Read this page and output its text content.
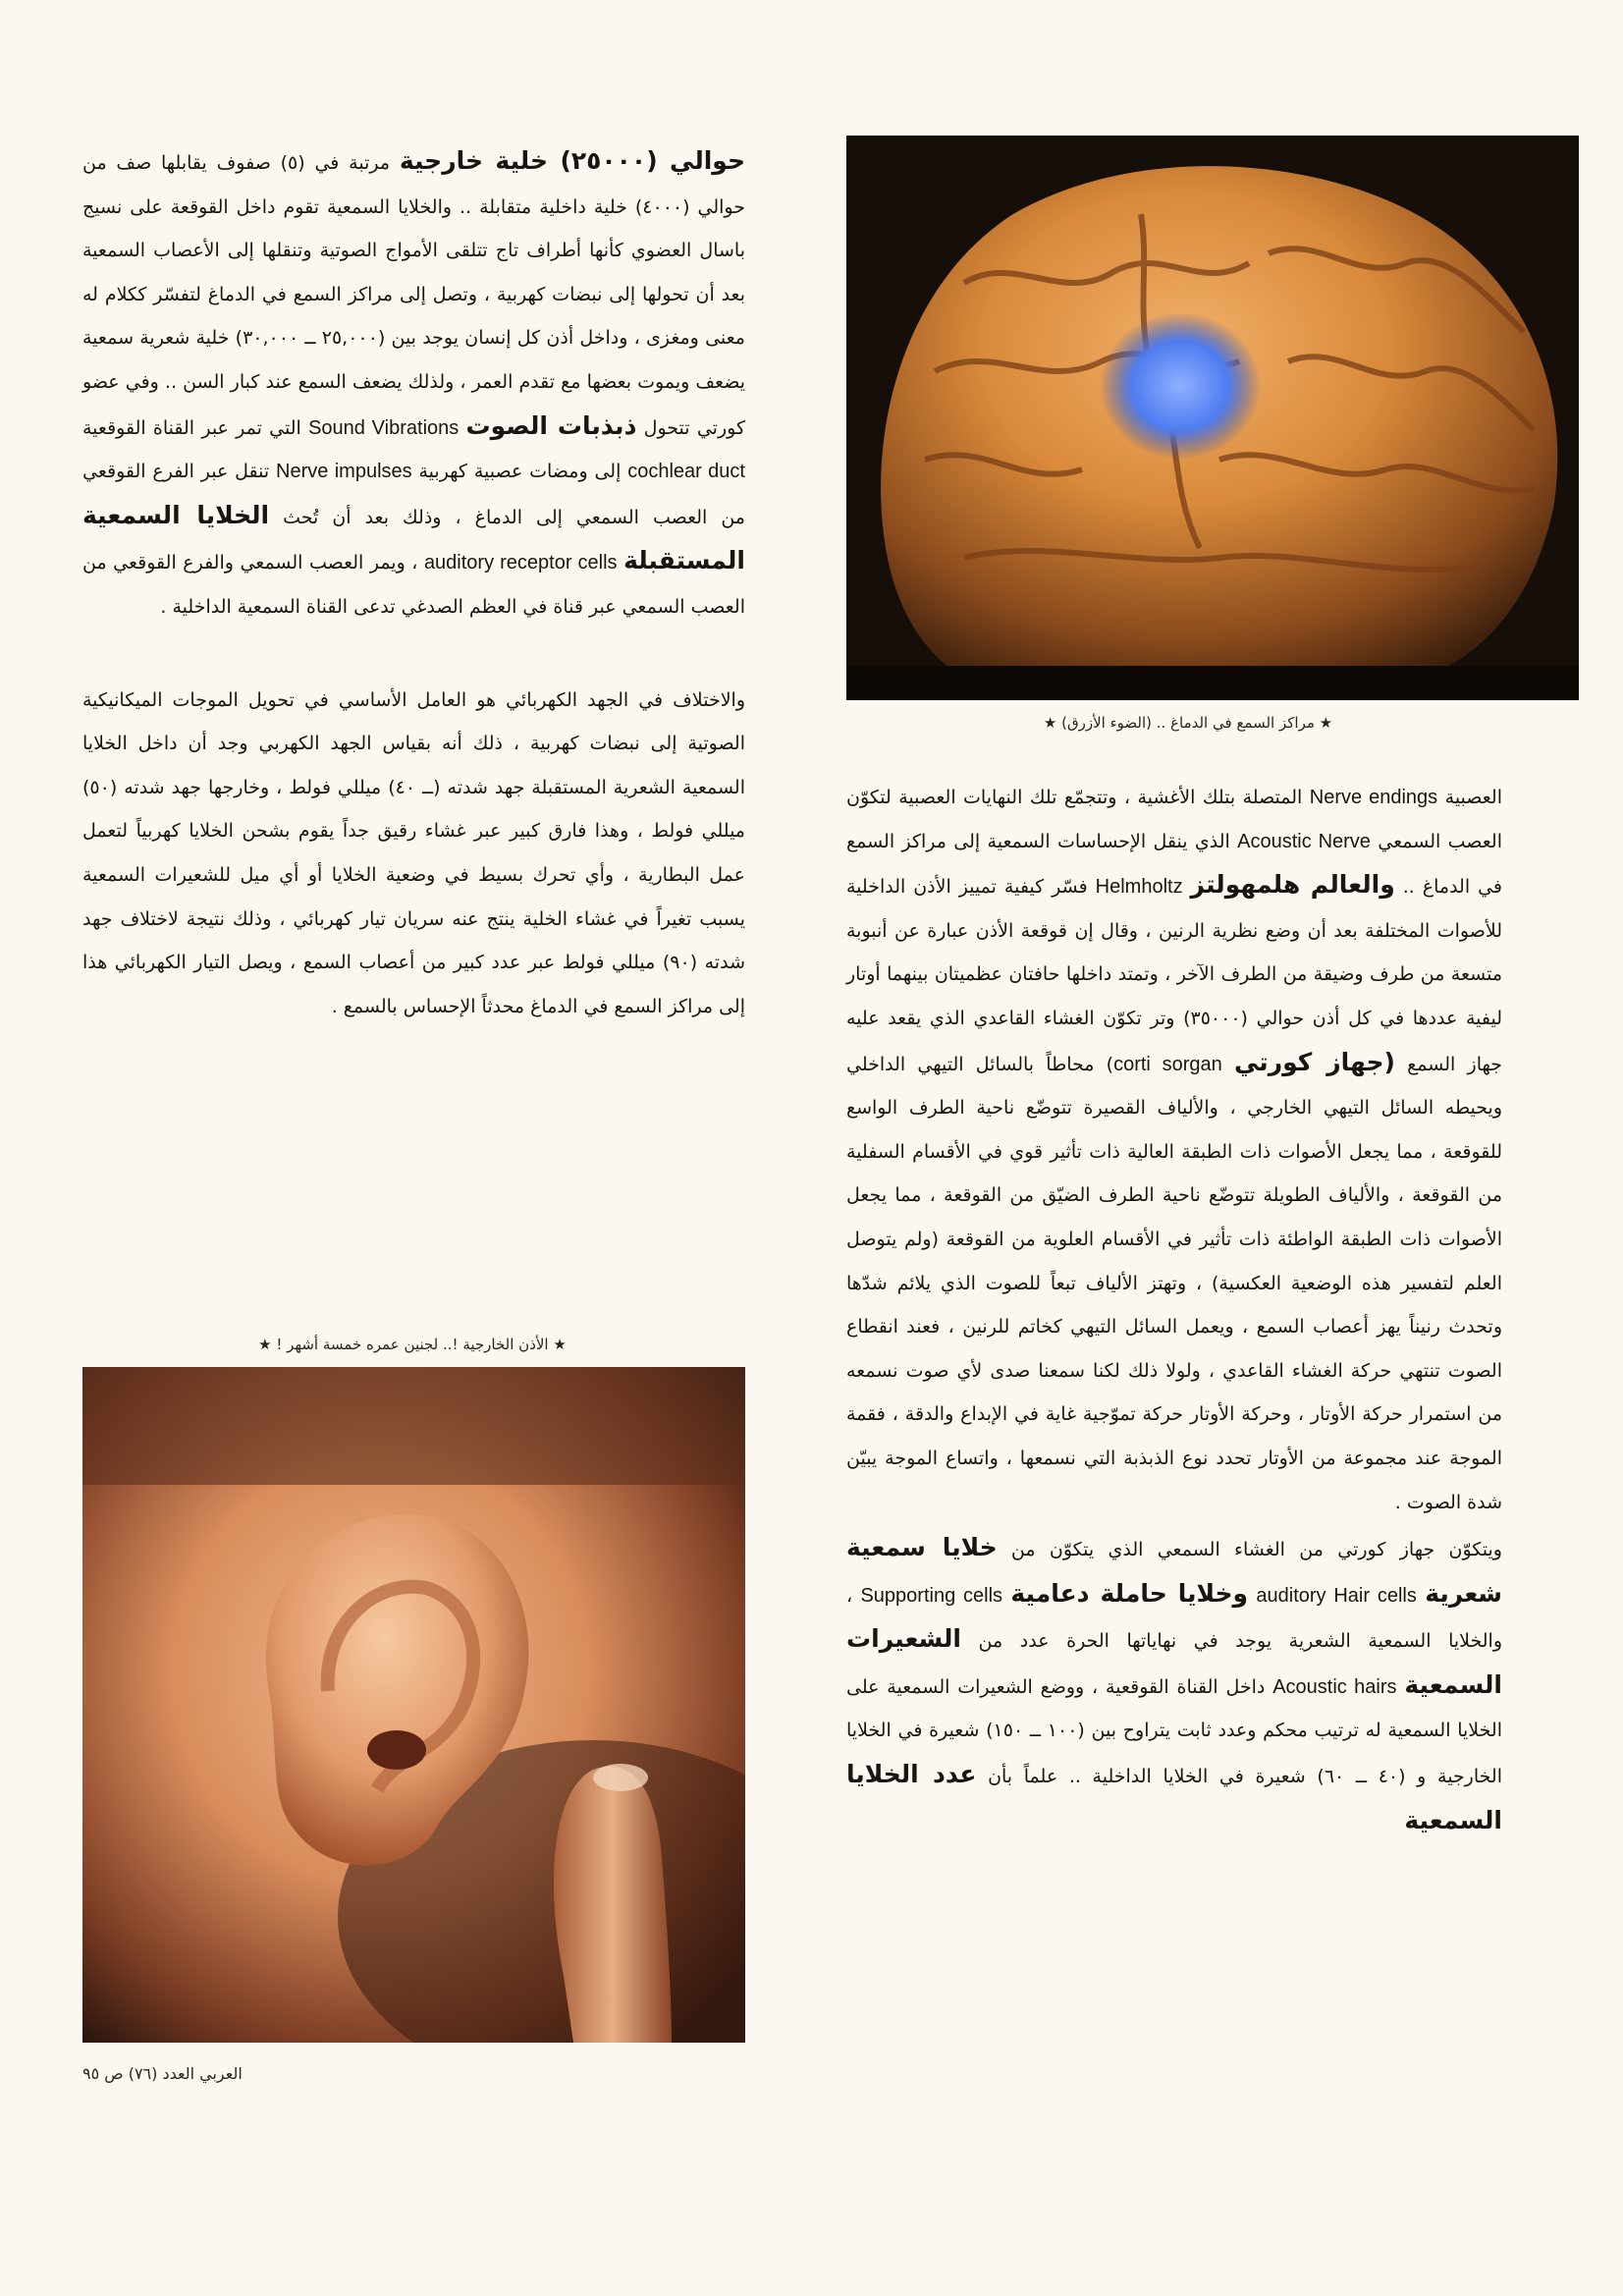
حوالي (٢٥٠٠٠) خلية خارجية مرتبة في (٥) صفوف يقابلها صف من حوالي (٤٠٠٠) خلية داخلية متقابلة .. والخلايا السمعية تقوم داخل القوقعة على نسيج باسال العضوي كأنها أطراف تاج تتلقى الأمواج الصوتية وتنقلها إلى الأعصاب السمعية بعد أن تحولها إلى نبضات كهربية ، وتصل إلى مراكز السمع في الدماغ لتفسّر ككلام له معنى ومغزى ، وداخل أذن كل إنسان يوجد بين (٢٥,٠٠٠ ــ ٣٠,٠٠٠) خلية شعرية سمعية يضعف ويموت بعضها مع تقدم العمر ، ولذلك يضعف السمع عند كبار السن .. وفي عضو كورتي تتحول ذبذبات الصوت Sound Vibrations التي تمر عبر القناة القوقعية cochlear duct إلى ومضات عصبية كهربية Nerve impulses تنقل عبر الفرع القوقعي من العصب السمعي إلى الدماغ ، وذلك بعد أن تُحث الخلايا السمعية المستقبلة auditory receptor cells ، ويمر العصب السمعي والفرع القوقعي من العصب السمعي عبر قناة في العظم الصدغي تدعى القناة السمعية الداخلية .

والاختلاف في الجهد الكهربائي هو العامل الأساسي في تحويل الموجات الميكانيكية الصوتية إلى نبضات كهربية ، ذلك أنه بقياس الجهد الكهربي وجد أن داخل الخلايا السمعية الشعرية المستقبلة جهد شدته (ــ ٤٠) ميللي فولط ، وخارجها جهد شدته (٥٠) ميللي فولط ، وهذا فارق كبير عبر غشاء رقيق جداً يقوم بشحن الخلايا كهربياً لتعمل عمل البطارية ، وأي تحرك بسيط في وضعية الخلايا أو أي ميل للشعيرات السمعية يسبب تغيراً في غشاء الخلية ينتج عنه سريان تيار كهربائي ، وذلك نتيجة لاختلاف جهد شدته (٩٠) ميللي فولط عبر عدد كبير من أعصاب السمع ، ويصل التيار الكهربائي هذا إلى مراكز السمع في الدماغ محدثاً الإحساس بالسمع .

★ الأذن الخارجية !.. لجنين عمره خمسة أشهر ! ★
★ مراكز السمع في الدماغ .. (الضوء الأزرق) ★

العصبية Nerve endings المتصلة بتلك الأغشية ، وتتجمّع تلك النهايات العصبية لتكوّن العصب السمعي Acoustic Nerve الذي ينقل الإحساسات السمعية إلى مراكز السمع في الدماغ .. والعالم هلمهولتز Helmholtz فسّر كيفية تمييز الأذن الداخلية للأصوات المختلفة بعد أن وضع نظرية الرنين ، وقال إن قوقعة الأذن عبارة عن أنبوبة متسعة من طرف وضيقة من الطرف الآخر ، وتمتد داخلها حافتان عظميتان بينهما أوتار ليفية عددها في كل أذن حوالي (٣٥٠٠٠) وتر تكوّن الغشاء القاعدي الذي يقعد عليه جهاز السمع (جهاز كورتي corti sorgan) محاطاً بالسائل التيهي الداخلي ويحيطه السائل التيهي الخارجي ، والألياف القصيرة تتوضّع ناحية الطرف الواسع للقوقعة ، مما يجعل الأصوات ذات الطبقة العالية ذات تأثير قوي في الأقسام السفلية من القوقعة ، والألياف الطويلة تتوضّع ناحية الطرف الضيّق من القوقعة ، مما يجعل الأصوات ذات الطبقة الواطئة ذات تأثير في الأقسام العلوية من القوقعة (ولم يتوصل العلم لتفسير هذه الوضعية العكسية) ، وتهتز الألياف تبعاً للصوت الذي يلائم شدّها وتحدث رنيناً يهز أعصاب السمع ، ويعمل السائل التيهي كخاتم للرنين ، فعند انقطاع الصوت تنتهي حركة الغشاء القاعدي ، ولولا ذلك لكنا سمعنا صدى لأي صوت نسمعه من استمرار حركة الأوتار ، وحركة الأوتار حركة تموّجية غاية في الإبداع والدقة ، فقمة الموجة عند مجموعة من الأوتار تحدد نوع الذبذبة التي نسمعها ، واتساع الموجة يبيّن شدة الصوت .

ويتكوّن جهاز كورتي من الغشاء السمعي الذي يتكوّن من خلايا سمعية شعرية auditory Hair cells وخلايا حاملة دعامية Supporting cells ، والخلايا السمعية الشعرية يوجد في نهاياتها الحرة عدد من الشعيرات السمعية Acoustic hairs داخل القناة القوقعية ، ووضع الشعيرات السمعية على الخلايا السمعية له ترتيب محكم وعدد ثابت يتراوح بين (١٠٠ ــ ١٥٠) شعيرة في الخلايا الخارجية و (٤٠ ــ ٦٠) شعيرة في الخلايا الداخلية .. علماً بأن عدد الخلايا السمعية

العربي العدد (٧٦) ص ٩٥
